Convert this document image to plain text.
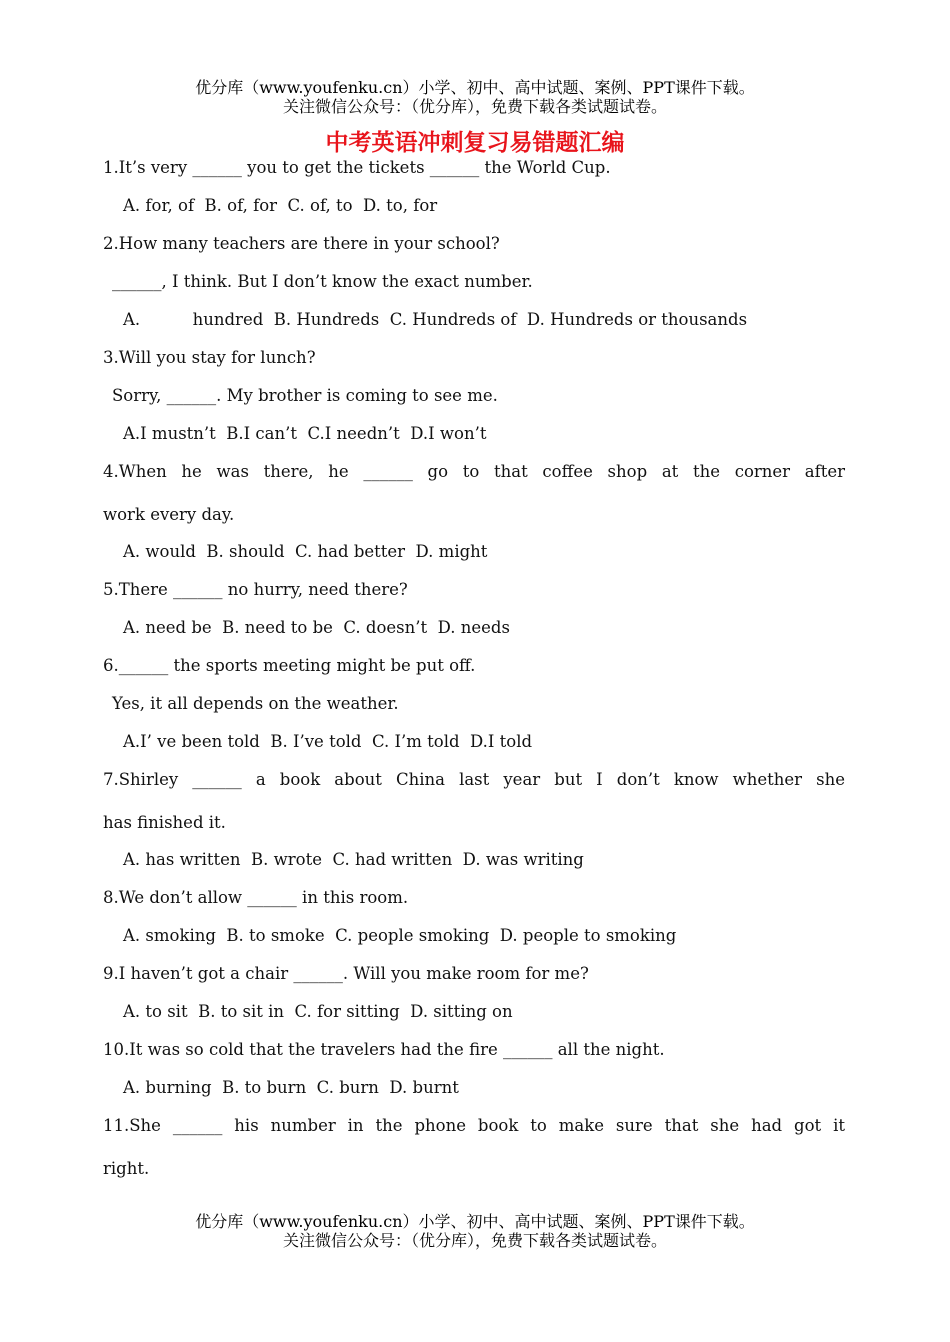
优分库（www.youfenku.cn）小学、初中、高中试题、案例、PPT课件下载。
关注微信公众号：（优分库），免费下载各类试题试卷。
中考英语冲刺复习易错题汇编
1.It’s very ______ you to get the tickets ______ the World Cup.
A. for, of  B. of, for  C. of, to  D. to, for
2.How many teachers are there in your school?
______, I think. But I don’t know the exact number.
A.          hundred  B. Hundreds  C. Hundreds of  D. Hundreds or thousands
3.Will you stay for lunch?
Sorry, ______. My brother is coming to see me.
A.I mustn’t  B.I can’t  C.I needn’t  D.I won’t
4.When he was there, he ______ go to that coffee shop at the corner after
work every day.
A. would  B. should  C. had better  D. might
5.There ______ no hurry, need there?
A. need be  B. need to be  C. doesn’t  D. needs
6.______ the sports meeting might be put off.
Yes, it all depends on the weather.
A.I’ ve been told  B. I’ve told  C. I’m told  D.I told
7.Shirley ______ a book about China last year but I don’t know whether she
has finished it.
A. has written  B. wrote  C. had written  D. was writing
8.We don’t allow ______ in this room.
A. smoking  B. to smoke  C. people smoking  D. people to smoking
9.I haven’t got a chair ______. Will you make room for me?
A. to sit  B. to sit in  C. for sitting  D. sitting on
10.It was so cold that the travelers had the fire ______ all the night.
A. burning  B. to burn  C. burn  D. burnt
11.She ______ his number in the phone book to make sure that she had got it
right.
优分库（www.youfenku.cn）小学、初中、高中试题、案例、PPT课件下载。
关注微信公众号：（优分库），免费下载各类试题试卷。
